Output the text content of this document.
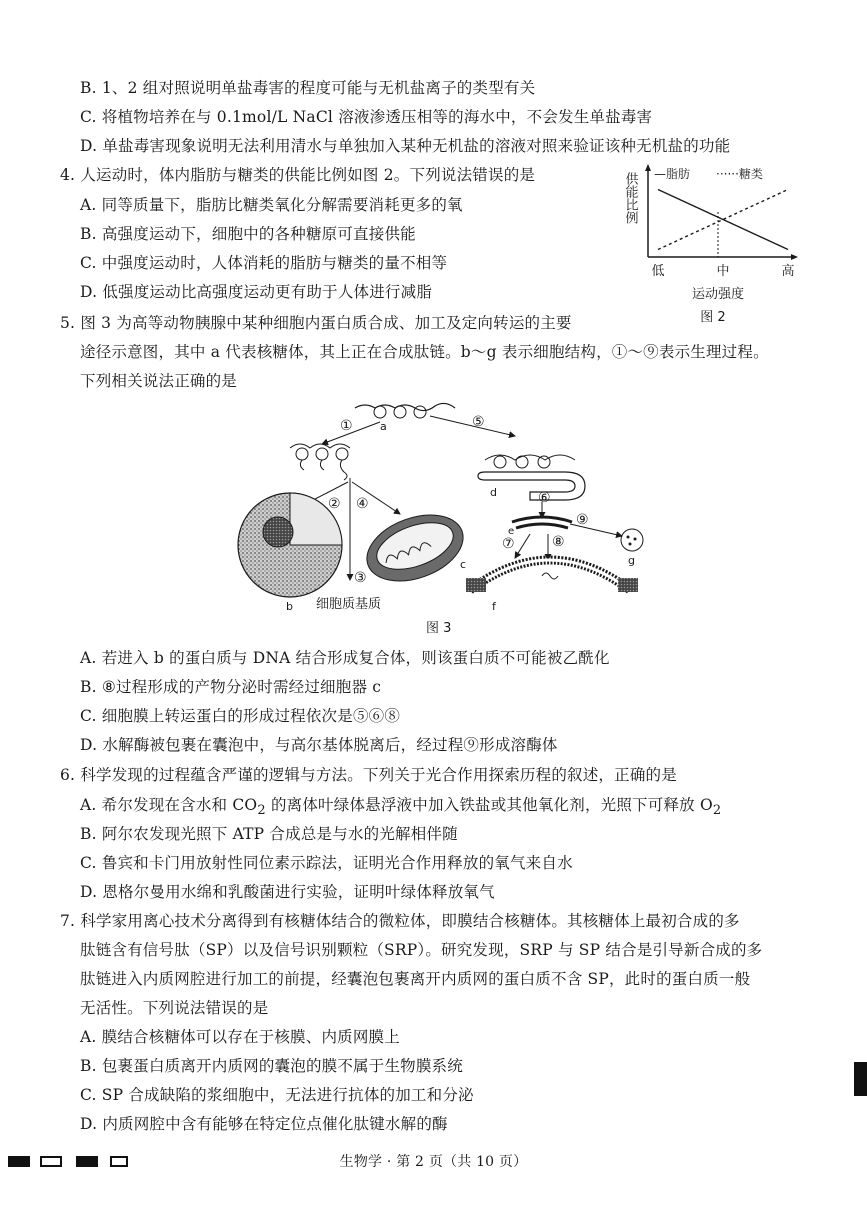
B. 1、2 组对照说明单盐毒害的程度可能与无机盐离子的类型有关
C. 将植物培养在与 0.1mol/L NaCl 溶液渗透压相等的海水中，不会发生单盐毒害
D. 单盐毒害现象说明无法利用清水与单独加入某种无机盐的溶液对照来验证该种无机盐的功能
4. 人运动时，体内脂肪与糖类的供能比例如图 2。下列说法错误的是
A. 同等质量下，脂肪比糖类氧化分解需要消耗更多的氧
B. 高强度运动下，细胞中的各种糖原可直接供能
C. 中强度运动时，人体消耗的脂肪与糖类的量不相等
D. 低强度运动比高强度运动更有助于人体进行减脂
供能比例 —脂肪 ······糖类
低	中	高
运动强度
图 2
5. 图 3 为高等动物胰腺中某种细胞内蛋白质合成、加工及定向转运的主要
途径示意图，其中 a 代表核糖体，其上正在合成肽链。b～g 表示细胞结构，①～⑨表示生理过程。
下列相关说法正确的是
a
①	⑤
② ④
③
细胞质基质
b
c
d	⑥
e
⑦	⑧
⑨
g
f
图 3
A. 若进入 b 的蛋白质与 DNA 结合形成复合体，则该蛋白质不可能被乙酰化
B. ⑧过程形成的产物分泌时需经过细胞器 c
C. 细胞膜上转运蛋白的形成过程依次是⑤⑥⑧
D. 水解酶被包裹在囊泡中，与高尔基体脱离后，经过程⑨形成溶酶体
6. 科学发现的过程蕴含严谨的逻辑与方法。下列关于光合作用探索历程的叙述，正确的是
A. 希尔发现在含水和 $CO_2$ 的离体叶绿体悬浮液中加入铁盐或其他氧化剂，光照下可释放 $O_2$
B. 阿尔农发现光照下 ATP 合成总是与水的光解相伴随
C. 鲁宾和卡门用放射性同位素示踪法，证明光合作用释放的氧气来自水
D. 恩格尔曼用水绵和乳酸菌进行实验，证明叶绿体释放氧气
7. 科学家用离心技术分离得到有核糖体结合的微粒体，即膜结合核糖体。其核糖体上最初合成的多
肽链含有信号肽（SP）以及信号识别颗粒（SRP）。研究发现，SRP 与 SP 结合是引导新合成的多
肽链进入内质网腔进行加工的前提，经囊泡包裹离开内质网的蛋白质不含 SP，此时的蛋白质一般
无活性。下列说法错误的是
A. 膜结合核糖体可以存在于核膜、内质网膜上
B. 包裹蛋白质离开内质网的囊泡的膜不属于生物膜系统
C. SP 合成缺陷的浆细胞中，无法进行抗体的加工和分泌
D. 内质网腔中含有能够在特定位点催化肽键水解的酶
生物学 · 第 2 页（共 10 页）
